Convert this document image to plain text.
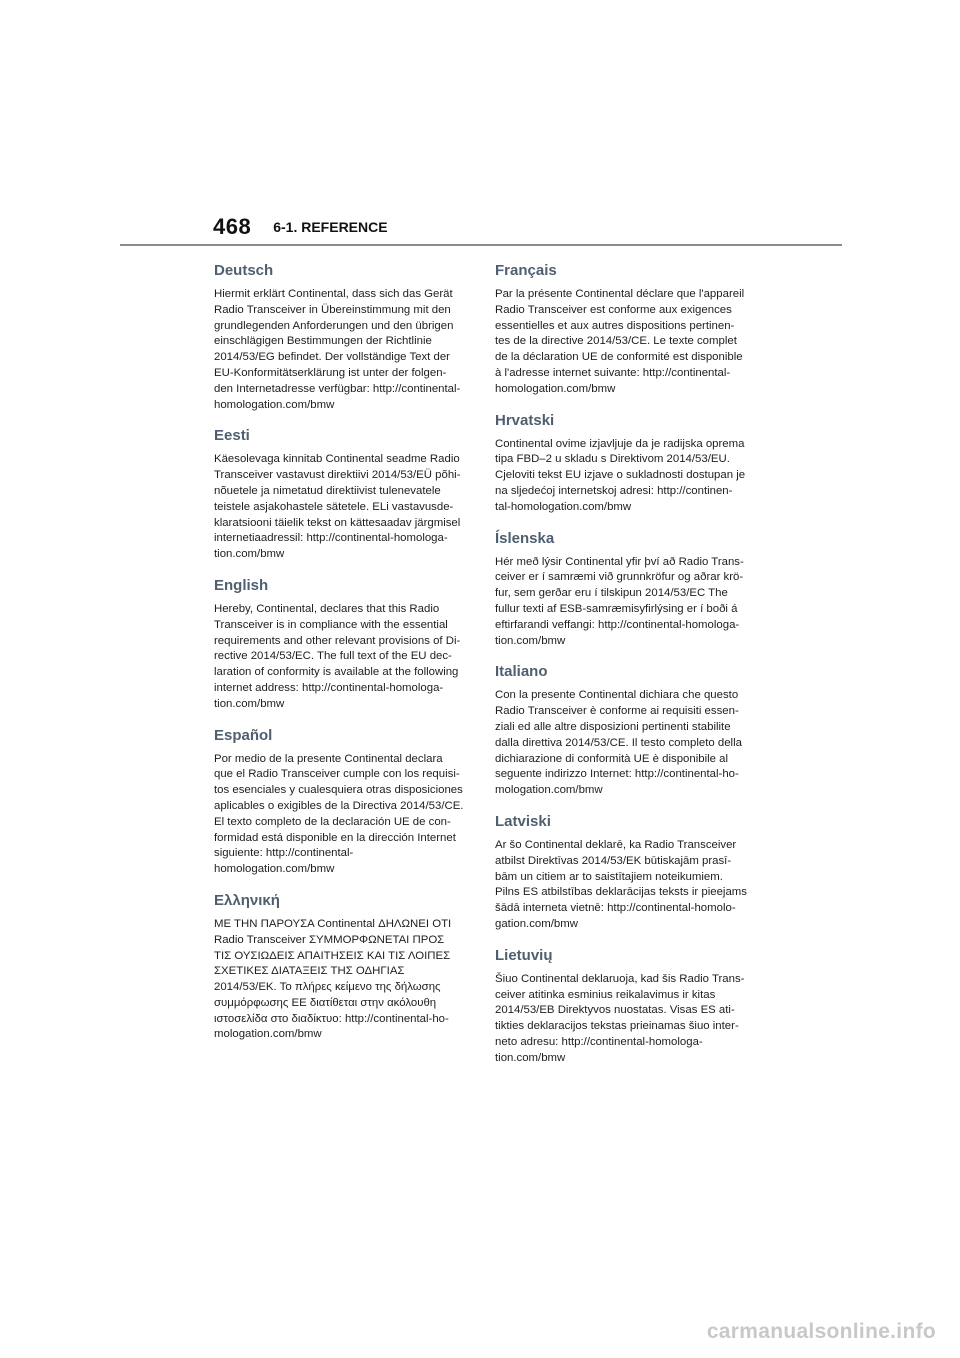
468 6-1. REFERENCE
Deutsch
Hiermit erklärt Continental, dass sich das Gerät
Radio Transceiver in Übereinstimmung mit den
grundlegenden Anforderungen und den übrigen
einschlägigen Bestimmungen der Richtlinie
2014/53/EG befindet. Der vollständige Text der
EU-Konformitätserklärung ist unter der folgen-
den Internetadresse verfügbar: http://continental-
homologation.com/bmw
Eesti
Käesolevaga kinnitab Continental seadme Radio
Transceiver vastavust direktiivi 2014/53/EÜ põhi-
nõuetele ja nimetatud direktiivist tulenevatele
teistele asjakohastele sätetele. ELi vastavusde-
klaratsiooni täielik tekst on kättesaadav järgmisel
internetiaadressil: http://continental-homologa-
tion.com/bmw
English
Hereby, Continental, declares that this Radio
Transceiver is in compliance with the essential
requirements and other relevant provisions of Di-
rective 2014/53/EC. The full text of the EU dec-
laration of conformity is available at the following
internet address: http://continental-homologa-
tion.com/bmw
Español
Por medio de la presente Continental declara
que el Radio Transceiver cumple con los requisi-
tos esenciales y cualesquiera otras disposiciones
aplicables o exigibles de la Directiva 2014/53/CE.
El texto completo de la declaración UE de con-
formidad está disponible en la dirección Internet
siguiente: http://continental-
homologation.com/bmw
Ελληνική
ΜΕ ΤΗΝ ΠΑΡΟΥΣΑ Continental ΔΗΛΩΝΕΙ ΟΤΙ
Radio Transceiver ΣΥΜΜΟΡΦΩΝΕΤΑΙ ΠΡΟΣ
ΤΙΣ ΟΥΣΙΩΔΕΙΣ ΑΠΑΙΤΗΣΕΙΣ ΚΑΙ ΤΙΣ ΛΟΙΠΕΣ
ΣΧΕΤΙΚΕΣ ΔΙΑΤΑΞΕΙΣ ΤΗΣ ΟΔΗΓΙΑΣ
2014/53/ΕΚ. Το πλήρες κείμενο της δήλωσης
συμμόρφωσης ΕΕ διατίθεται στην ακόλουθη
ιστοσελίδα στο διαδίκτυο: http://continental-ho-
mologation.com/bmw
Français
Par la présente Continental déclare que l'appareil
Radio Transceiver est conforme aux exigences
essentielles et aux autres dispositions pertinen-
tes de la directive 2014/53/CE. Le texte complet
de la déclaration UE de conformité est disponible
à l'adresse internet suivante: http://continental-
homologation.com/bmw
Hrvatski
Continental ovime izjavljuje da je radijska oprema
tipa FBD–2 u skladu s Direktivom 2014/53/EU.
Cjeloviti tekst EU izjave o sukladnosti dostupan je
na sljedećoj internetskoj adresi: http://continen-
tal-homologation.com/bmw
Íslenska
Hér með lýsir Continental yfir því að Radio Trans-
ceiver er í samræmi við grunnkröfur og aðrar krö-
fur, sem gerðar eru í tilskipun 2014/53/EC The
fullur texti af ESB-samræmisyfirlýsing er í boði á
eftirfarandi veffangi: http://continental-homologa-
tion.com/bmw
Italiano
Con la presente Continental dichiara che questo
Radio Transceiver è conforme ai requisiti essen-
ziali ed alle altre disposizioni pertinenti stabilite
dalla direttiva 2014/53/CE. Il testo completo della
dichiarazione di conformità UE è disponibile al
seguente indirizzo Internet: http://continental-ho-
mologation.com/bmw
Latviski
Ar šo Continental deklarē, ka Radio Transceiver
atbilst Direktīvas 2014/53/EK būtiskajām prasī-
bām un citiem ar to saistītajiem noteikumiem.
Pilns ES atbilstības deklarācijas teksts ir pieejams
šādā interneta vietnē: http://continental-homolo-
gation.com/bmw
Lietuvių
Šiuo Continental deklaruoja, kad šis Radio Trans-
ceiver atitinka esminius reikalavimus ir kitas
2014/53/EB Direktyvos nuostatas. Visas ES ati-
tikties deklaracijos tekstas prieinamas šiuo inter-
neto adresu: http://continental-homologa-
tion.com/bmw
carmanualsonline.info
